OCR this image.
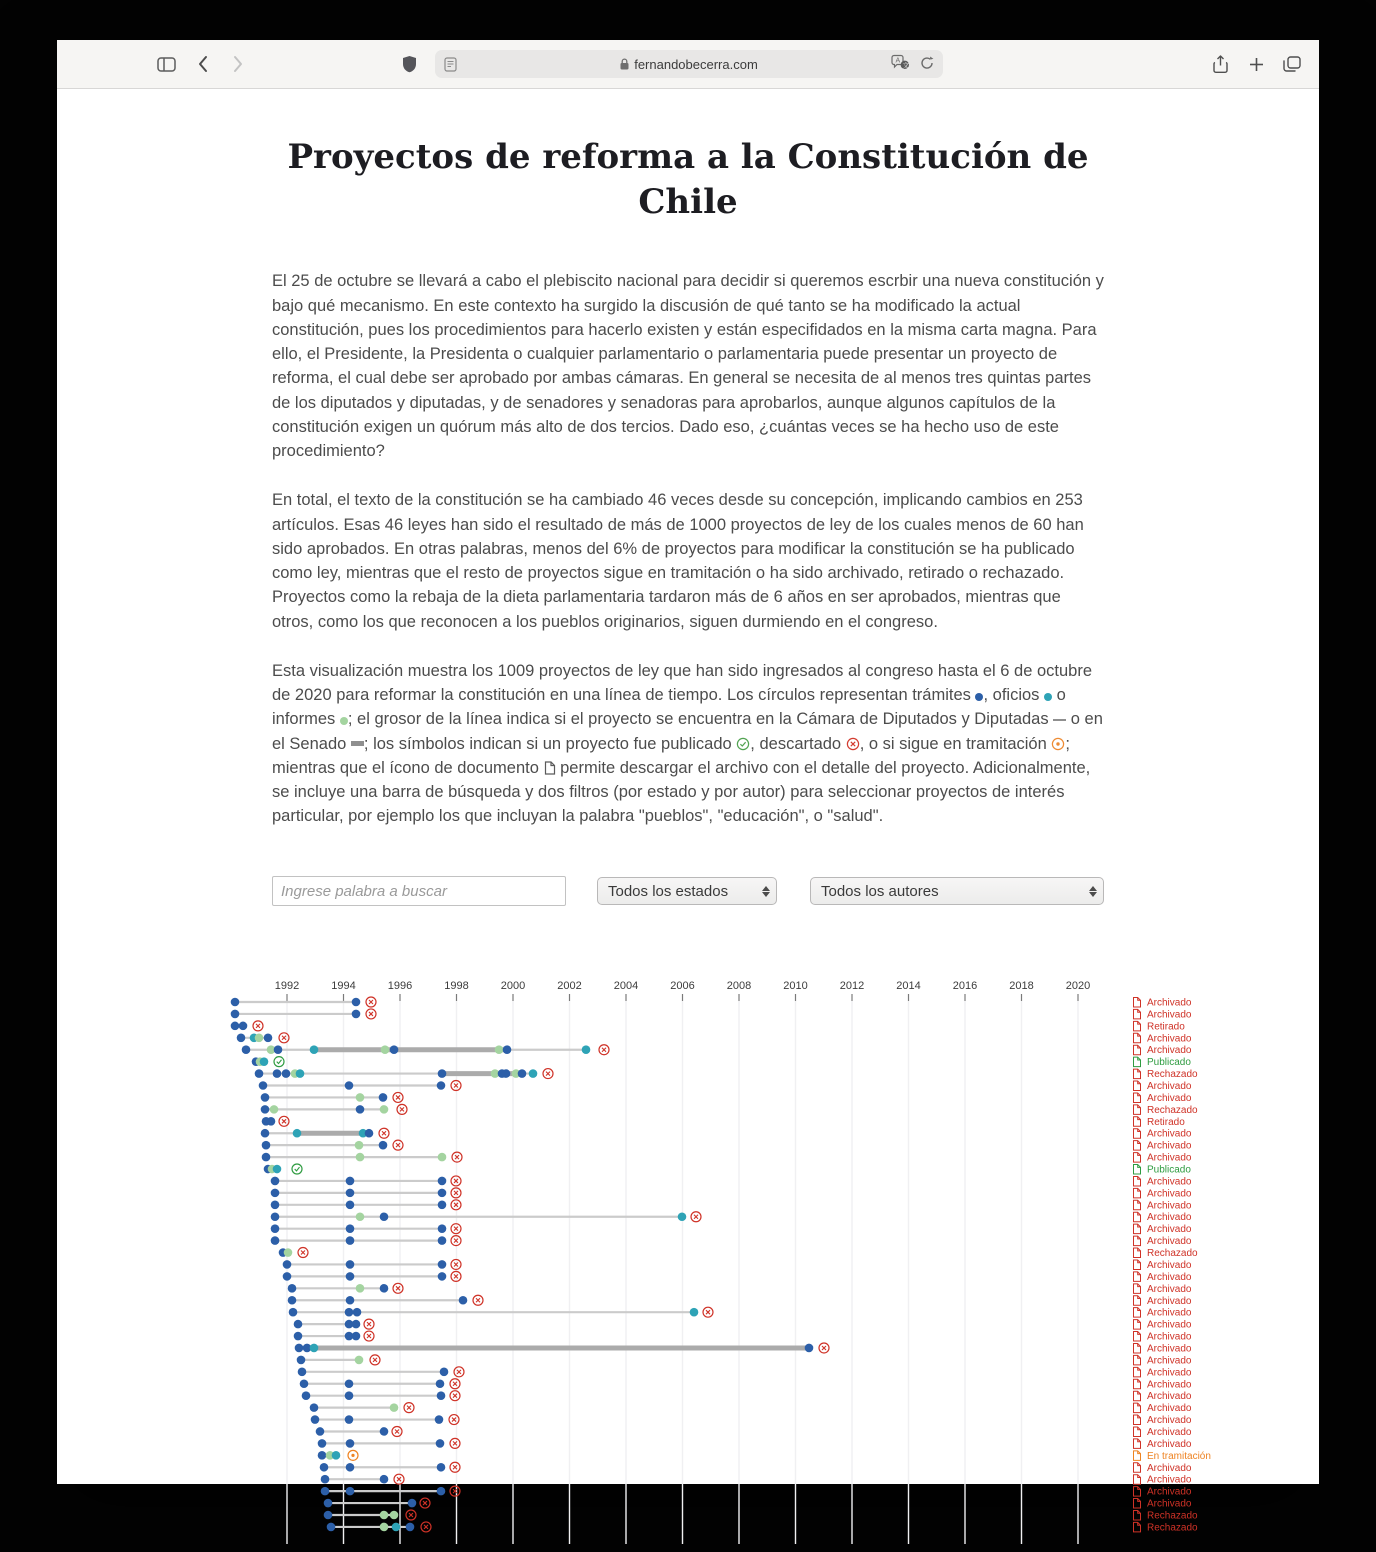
fernandobecerra.com	A
文
Proyectos de reforma a la Constitución de Chile

El 25 de octubre se llevará a cabo el plebiscito nacional para decidir si queremos escrbir una nueva constitución y bajo qué mecanismo. En este contexto ha surgido la discusión de qué tanto se ha modificado la actual constitución, pues los procedimientos para hacerlo existen y están especifidados en la misma carta magna. Para ello, el Presidente, la Presidenta o cualquier parlamentario o parlamentaria puede presentar un proyecto de reforma, el cual debe ser aprobado por ambas cámaras. En general se necesita de al menos tres quintas partes de los diputados y diputadas, y de senadores y senadoras para aprobarlos, aunque algunos capítulos de la constitución exigen un quórum más alto de dos tercios. Dado eso, ¿cuántas veces se ha hecho uso de este procedimiento?

En total, el texto de la constitución se ha cambiado 46 veces desde su concepción, implicando cambios en 253 artículos. Esas 46 leyes han sido el resultado de más de 1000 proyectos de ley de los cuales menos de 60 han sido aprobados. En otras palabras, menos del 6% de proyectos para modificar la constitución se ha publicado como ley, mientras que el resto de proyectos sigue en tramitación o ha sido archivado, retirado o rechazado. Proyectos como la rebaja de la dieta parlamentaria tardaron más de 6 años en ser aprobados, mientras que otros, como los que reconocen a los pueblos originarios, siguen durmiendo en el congreso.

Esta visualización muestra los 1009 proyectos de ley que han sido ingresados al congreso hasta el 6 de octubre de 2020 para reformar la constitución en una línea de tiempo. Los círculos representan trámites , oficios  o informes ; el grosor de la línea indica si el proyecto se encuentra en la Cámara de Diputados y Diputadas  o en el Senado ; los símbolos indican si un proyecto fue publicado , descartado , o si sigue en tramitación ; mientras que el ícono de documento  permite descargar el archivo con el detalle del proyecto. Adicionalmente, se incluye una barra de búsqueda y dos filtros (por estado y por autor) para seleccionar proyectos de interés particular, por ejemplo los que incluyan la palabra "pueblos", "educación", o "salud".

Ingrese palabra a buscar
Todos los estados	Todos los autores
1992	1994	1996	1998	2000	2002	2004	2006	2008	2010	2012	2014	2016	2018	2020
Archivado
Archivado
Retirado
Archivado
Archivado
Publicado
Rechazado
Archivado
Archivado
Rechazado
Retirado
Archivado
Archivado
Archivado
Publicado
Archivado
Archivado
Archivado
Archivado
Archivado
Archivado
Rechazado
Archivado
Archivado
Archivado
Archivado
Archivado
Archivado
Archivado
Archivado
Archivado
Archivado
Archivado
Archivado
Archivado
Archivado
Archivado
Archivado
En tramitación
Archivado
Archivado
Archivado
Archivado
Rechazado
Rechazado
